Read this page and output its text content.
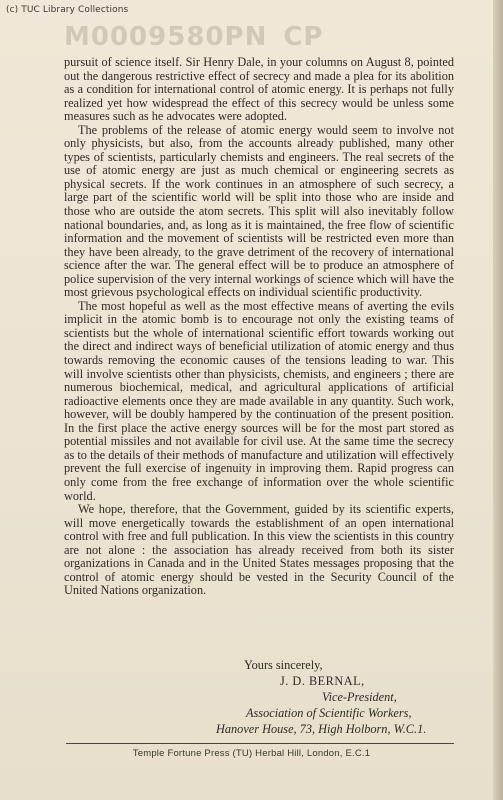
(c) TUC Library Collections
M0009580PN CP

pursuit of science itself. Sir Henry Dale, in your columns on August 8, pointed out the dangerous restrictive effect of secrecy and made a plea for its abolition as a condition for international control of atomic energy. It is perhaps not fully realized yet how widespread the effect of this secrecy would be unless some measures such as he advocates were adopted.

The problems of the release of atomic energy would seem to involve not only physicists, but also, from the accounts already published, many other types of scientists, particularly chemists and engineers. The real secrets of the use of atomic energy are just as much chemical or engineering secrets as physical secrets. If the work continues in an atmosphere of such secrecy, a large part of the scientific world will be split into those who are inside and those who are outside the atom secrets. This split will also inevitably follow national boundaries, and, as long as it is maintained, the free flow of scientific information and the movement of scientists will be restricted even more than they have been already, to the grave detriment of the recovery of international science after the war. The general effect will be to produce an atmosphere of police supervision of the very internal workings of science which will have the most grievous psychological effects on individual scientific productivity.

The most hopeful as well as the most effective means of averting the evils implicit in the atomic bomb is to encourage not only the existing teams of scientists but the whole of international scientific effort towards working out the direct and indirect ways of beneficial utilization of atomic energy and thus towards removing the economic causes of the tensions leading to war. This will involve scientists other than physicists, chemists, and engineers ; there are numerous biochemical, medical, and agricultural applications of artificial radioactive elements once they are made available in any quantity. Such work, however, will be doubly hampered by the continuation of the present position. In the first place the active energy sources will be for the most part stored as potential missiles and not available for civil use. At the same time the secrecy as to the details of their methods of manufacture and utilization will effectively prevent the full exercise of ingenuity in improving them. Rapid progress can only come from the free exchange of information over the whole scientific world.

We hope, therefore, that the Government, guided by its scientific experts, will move energetically towards the establishment of an open international control with free and full publication. In this view the scientists in this country are not alone : the association has already received from both its sister organizations in Canada and in the United States messages proposing that the control of atomic energy should be vested in the Security Council of the United Nations organization.

Yours sincerely,
J. D. BERNAL,
Vice-President,
Association of Scientific Workers,
Hanover House, 73, High Holborn, W.C.1.
Temple Fortune Press (TU) Herbal Hill, London, E.C.1
